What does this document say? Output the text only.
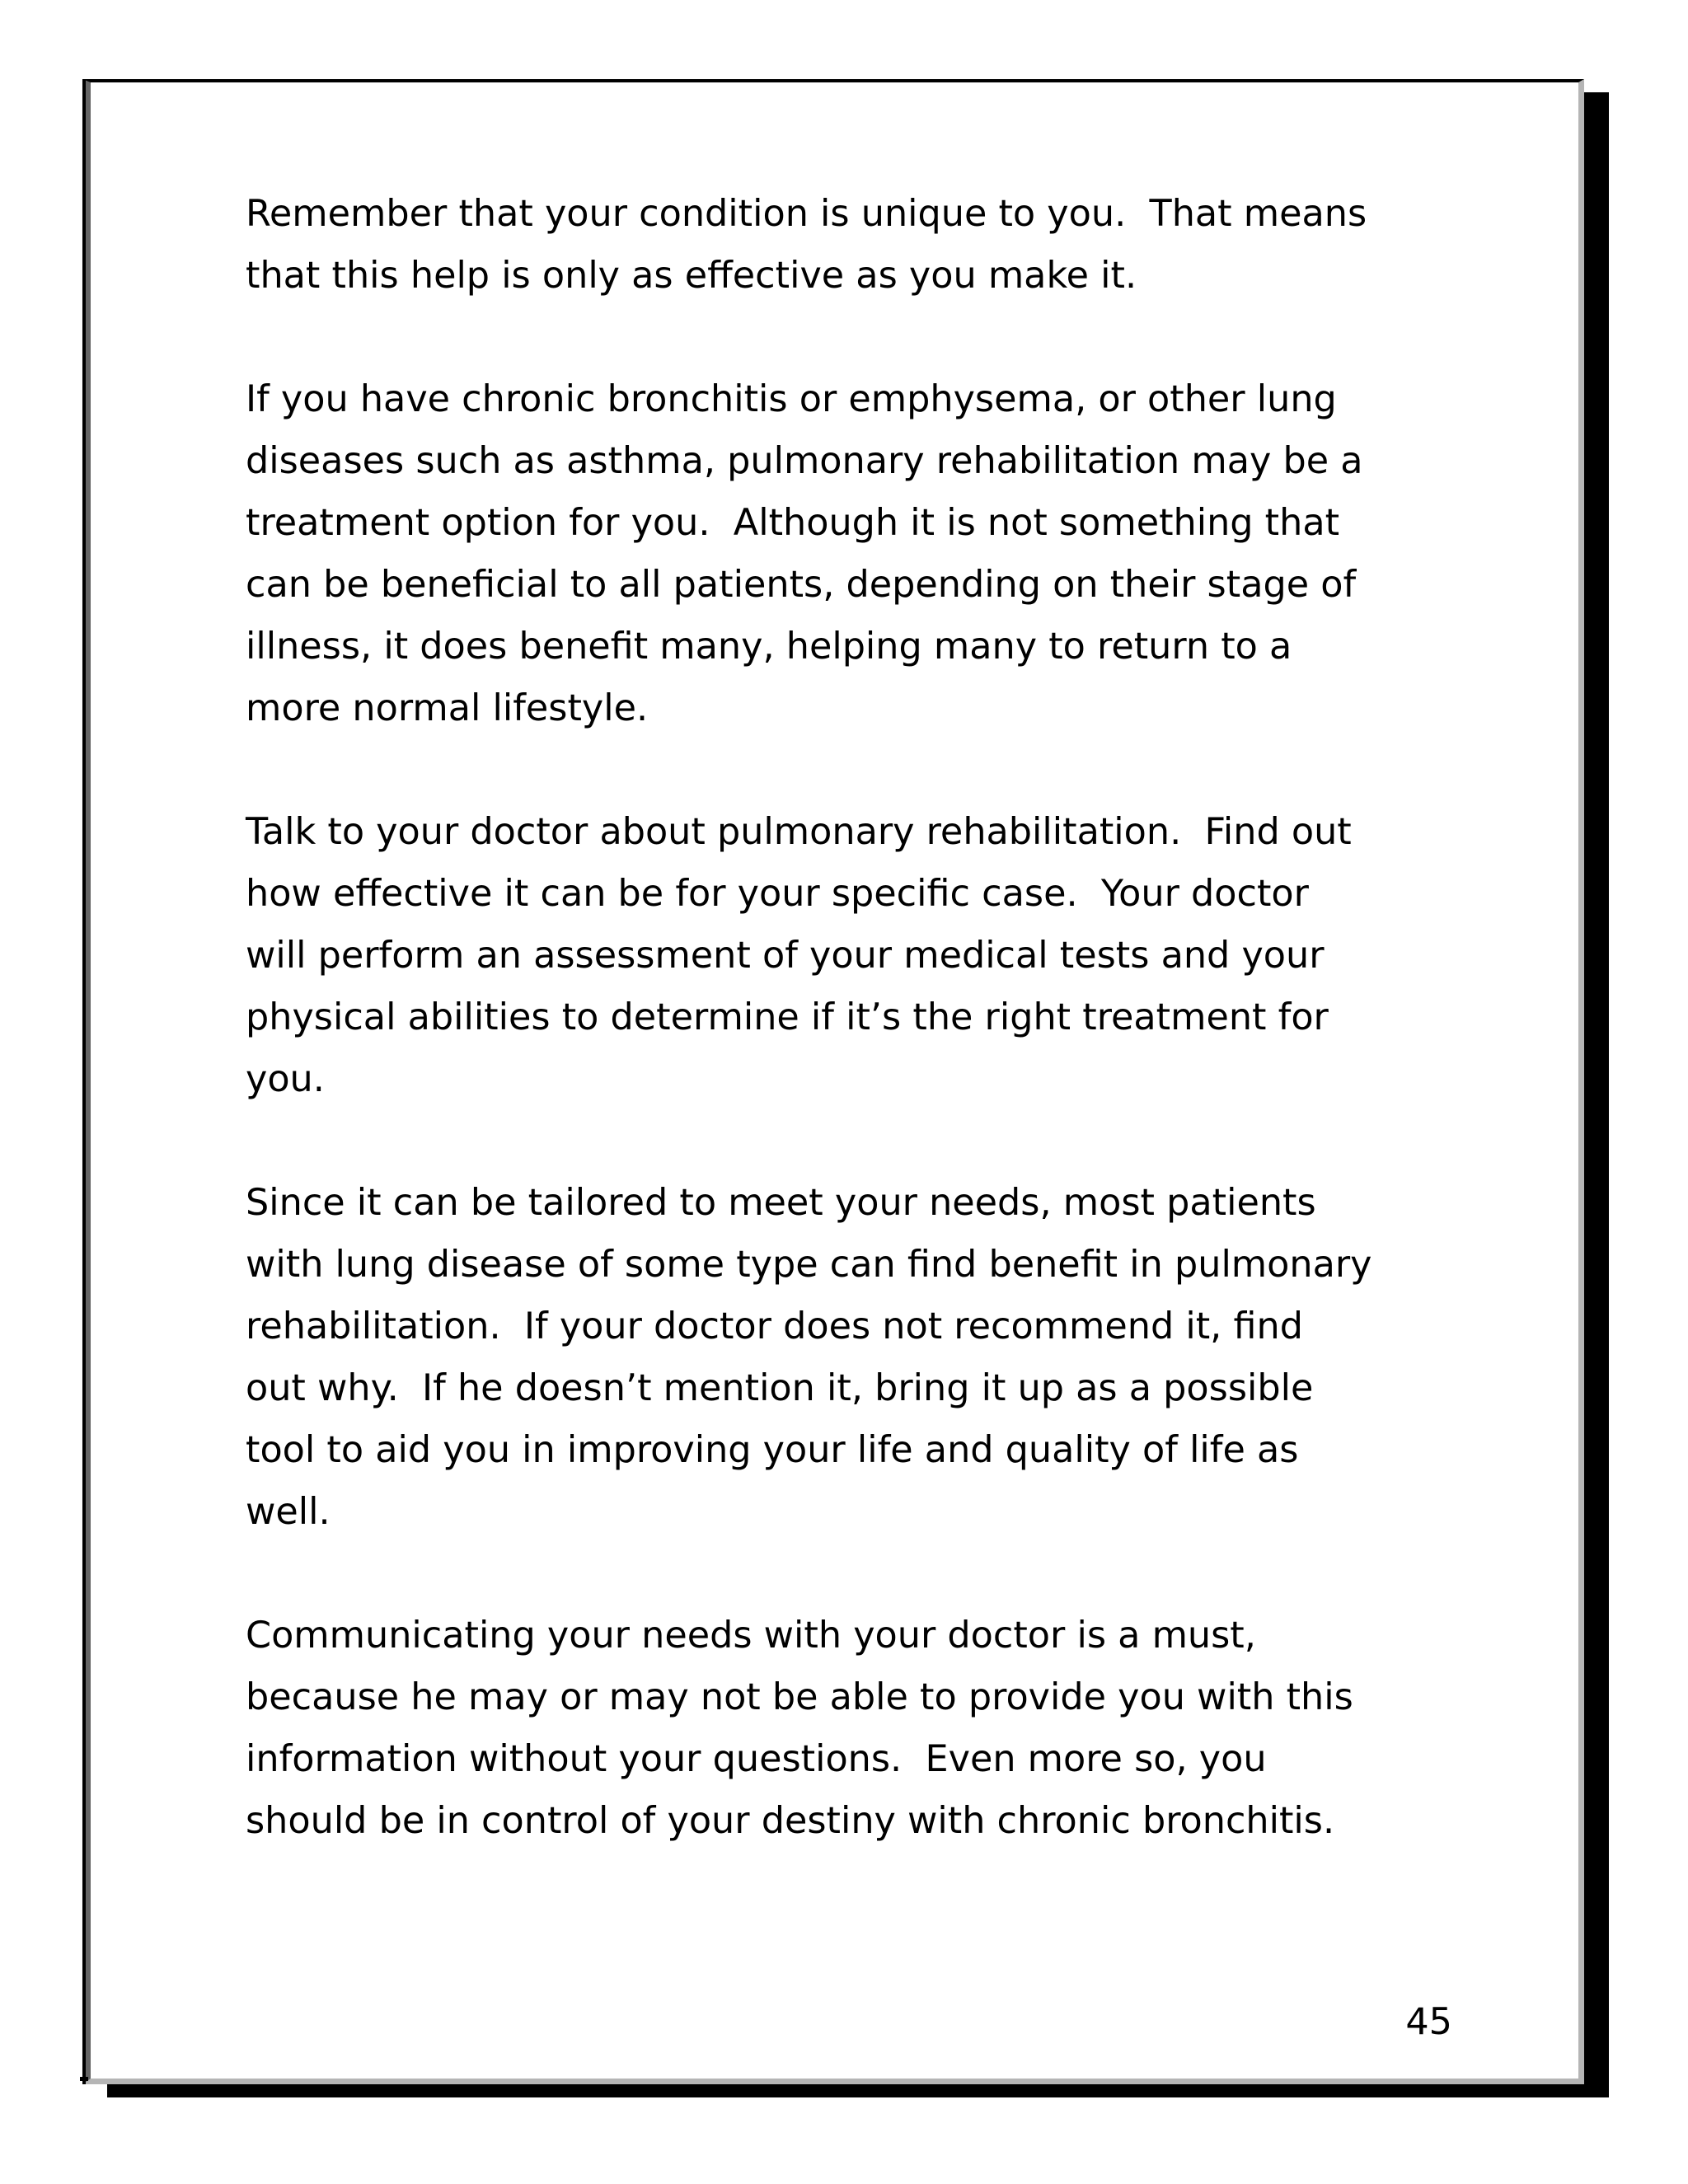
Remember that your condition is unique to you.  That means
that this help is only as effective as you make it.

If you have chronic bronchitis or emphysema, or other lung
diseases such as asthma, pulmonary rehabilitation may be a
treatment option for you.  Although it is not something that
can be beneficial to all patients, depending on their stage of
illness, it does benefit many, helping many to return to a
more normal lifestyle.

Talk to your doctor about pulmonary rehabilitation.  Find out
how effective it can be for your specific case.  Your doctor
will perform an assessment of your medical tests and your
physical abilities to determine if it’s the right treatment for
you.

Since it can be tailored to meet your needs, most patients
with lung disease of some type can find benefit in pulmonary
rehabilitation.  If your doctor does not recommend it, find
out why.  If he doesn’t mention it, bring it up as a possible
tool to aid you in improving your life and quality of life as
well.

Communicating your needs with your doctor is a must,
because he may or may not be able to provide you with this
information without your questions.  Even more so, you
should be in control of your destiny with chronic bronchitis.

45
